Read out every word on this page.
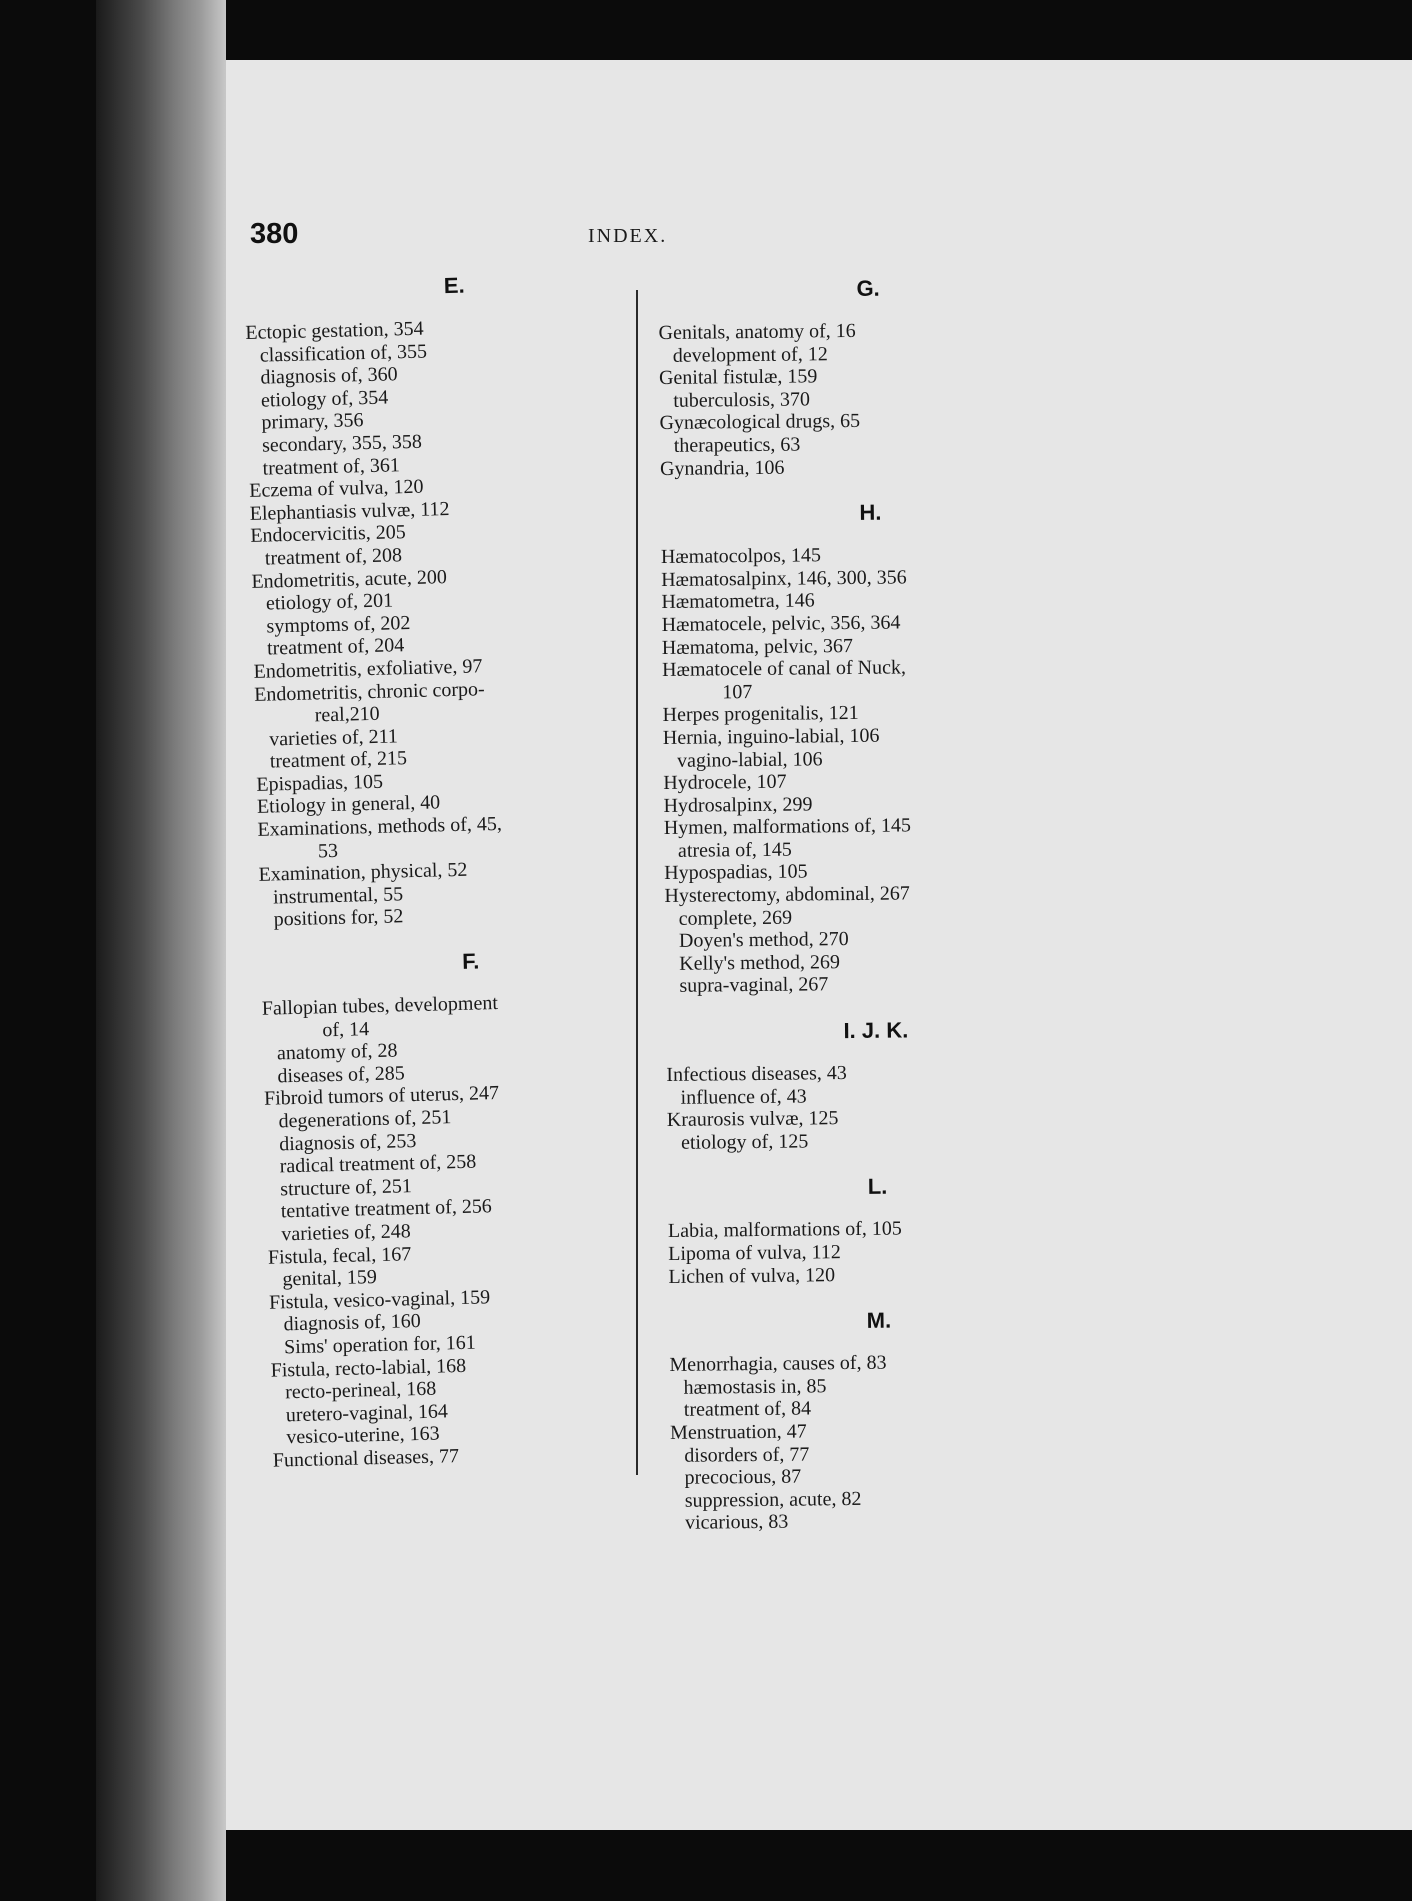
380	INDEX.
E.
Ectopic gestation, 354
classification of, 355
diagnosis of, 360
etiology of, 354
primary, 356
secondary, 355, 358
treatment of, 361
Eczema of vulva, 120
Elephantiasis vulvæ, 112
Endocervicitis, 205
treatment of, 208
Endometritis, acute, 200
etiology of, 201
symptoms of, 202
treatment of, 204
Endometritis, exfoliative, 97
Endometritis, chronic corpo-
real,210
varieties of, 211
treatment of, 215
Epispadias, 105
Etiology in general, 40
Examinations, methods of, 45,
53
Examination, physical, 52
instrumental, 55
positions for, 52
F.
Fallopian tubes, development
of, 14
anatomy of, 28
diseases of, 285
Fibroid tumors of uterus, 247
degenerations of, 251
diagnosis of, 253
radical treatment of, 258
structure of, 251
tentative treatment of, 256
varieties of, 248
Fistula, fecal, 167
genital, 159
Fistula, vesico-vaginal, 159
diagnosis of, 160
Sims' operation for, 161
Fistula, recto-labial, 168
recto-perineal, 168
uretero-vaginal, 164
vesico-uterine, 163
Functional diseases, 77
G.
Genitals, anatomy of, 16
development of, 12
Genital fistulæ, 159
tuberculosis, 370
Gynæcological drugs, 65
therapeutics, 63
Gynandria, 106
H.
Hæmatocolpos, 145
Hæmatosalpinx, 146, 300, 356
Hæmatometra, 146
Hæmatocele, pelvic, 356, 364
Hæmatoma, pelvic, 367
Hæmatocele of canal of Nuck,
107
Herpes progenitalis, 121
Hernia, inguino-labial, 106
vagino-labial, 106
Hydrocele, 107
Hydrosalpinx, 299
Hymen, malformations of, 145
atresia of, 145
Hypospadias, 105
Hysterectomy, abdominal, 267
complete, 269
Doyen's method, 270
Kelly's method, 269
supra-vaginal, 267
I. J. K.
Infectious diseases, 43
influence of, 43
Kraurosis vulvæ, 125
etiology of, 125
L.
Labia, malformations of, 105
Lipoma of vulva, 112
Lichen of vulva, 120
M.
Menorrhagia, causes of, 83
hæmostasis in, 85
treatment of, 84
Menstruation, 47
disorders of, 77
precocious, 87
suppression, acute, 82
vicarious, 83
